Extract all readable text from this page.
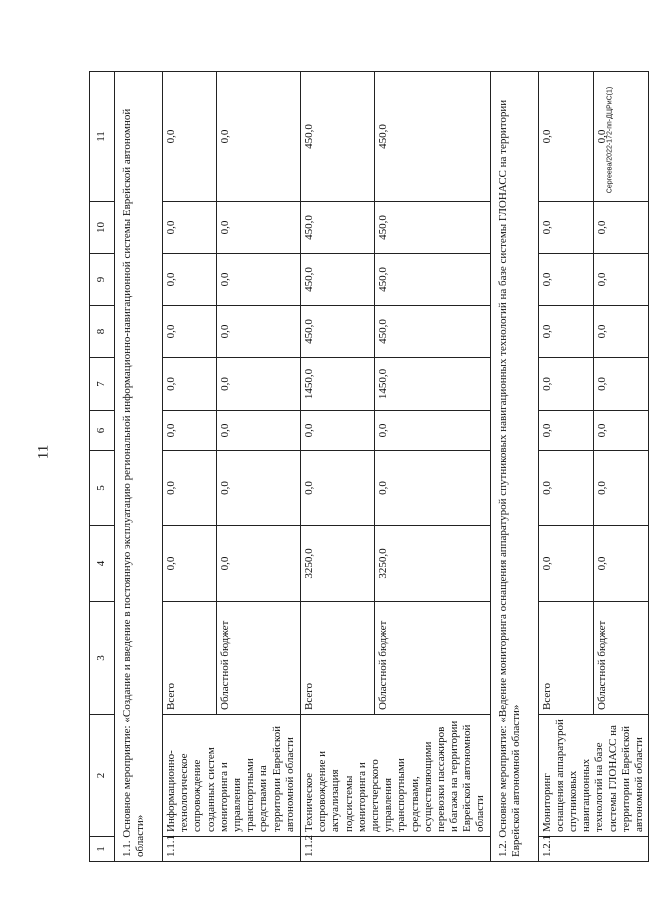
11
Сергеева/2022-172-пп-ДЦРиС(1)
1	2	3	4	5	6	7	8	9	10	11
1.1. Основное мероприятие: «Создание и введение в постоянную эксплуатацию региональной информационно-навигационной системы Еврейской автономной области»										
1.1.1	Информационно-технологическое сопровождение созданных систем мониторинга и управления транспортными средствами на территории Еврейской автономной области	Всего	0,0	0,0	0,0	0,0	0,0	0,0	0,0	0,0
		Областной бюджет	0,0	0,0	0,0	0,0	0,0	0,0	0,0	0,0
1.1.2	Техническое сопровождение и актуализация подсистемы мониторинга и диспетчерского управления транспортными средствами, осуществляющими перевозки пассажиров и багажа на территории Еврейской автономной области	Всего	3250,0	0,0	0,0	1450,0	450,0	450,0	450,0	450,0
		Областной бюджет	3250,0	0,0	0,0	1450,0	450,0	450,0	450,0	450,0
1.2. Основное мероприятие: «Ведение мониторинга оснащения аппаратурой спутниковых навигационных технологий на базе системы ГЛОНАСС на территории Еврейской автономной области»										
1.2.1	Мониторинг оснащения аппаратурой спутниковых навигационных технологий на базе системы ГЛОНАСС на территории Еврейской автономной области	Всего	0,0	0,0	0,0	0,0	0,0	0,0	0,0	0,0
		Областной бюджет	0,0	0,0	0,0	0,0	0,0	0,0	0,0	0,0
